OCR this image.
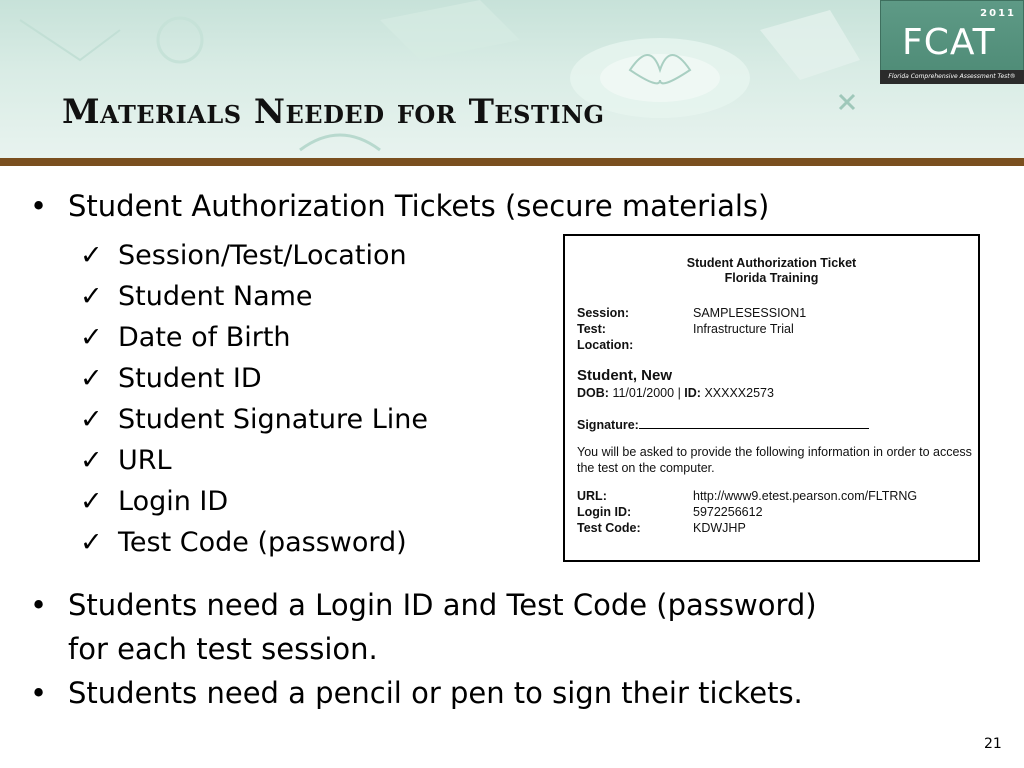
2011
FCAT
Florida Comprehensive Assessment Test®
Materials Needed for Testing
• Student Authorization Tickets (secure materials)
✓ Session/Test/Location
✓ Student Name
✓ Date of Birth
✓ Student ID
✓ Student Signature Line
✓ URL
✓ Login ID
✓ Test Code (password)
Student Authorization Ticket
Florida Training
Session:	SAMPLESESSION1
Test:	Infrastructure Trial
Location:
Student, New
DOB: 11/01/2000 | ID: XXXXX2573
Signature:
You will be asked to provide the following information in order to access the test on the computer.
URL:	http://www9.etest.pearson.com/FLTRNG
Login ID:	5972256612
Test Code:	KDWJHP
• Students need a Login ID and Test Code (password)
for each test session.
• Students need a pencil or pen to sign their tickets.
21
